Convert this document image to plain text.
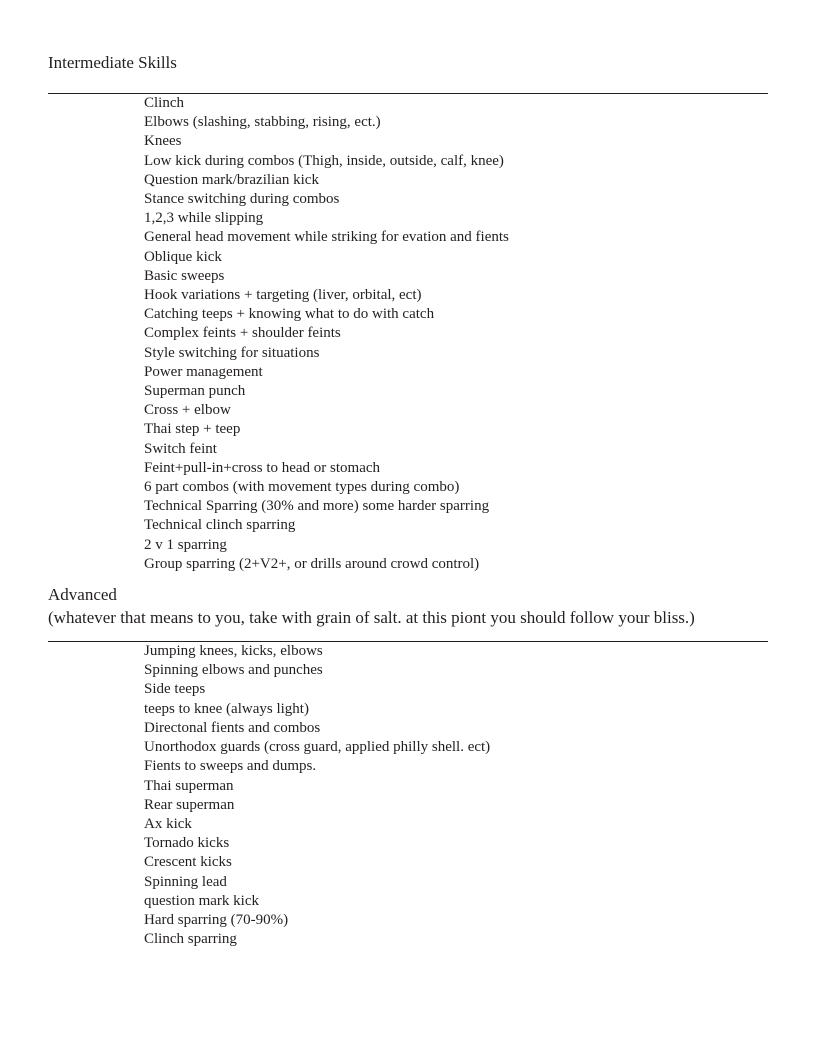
Intermediate Skills
Clinch
Elbows (slashing, stabbing, rising, ect.)
Knees
Low kick during combos (Thigh, inside, outside, calf, knee)
Question mark/brazilian kick
Stance switching during combos
1,2,3 while slipping
General head movement while striking for evation and fients
Oblique kick
Basic sweeps
Hook variations + targeting (liver, orbital, ect)
Catching teeps + knowing what to do with catch
Complex feints + shoulder feints
Style switching for situations
Power management
Superman punch
Cross + elbow
Thai step + teep
Switch feint
Feint+pull-in+cross to head or stomach
6 part combos (with movement types during combo)
Technical Sparring (30% and more) some harder sparring
Technical clinch sparring
2 v 1 sparring
Group sparring (2+V2+, or drills around crowd control)
Advanced

(whatever that means to you, take with grain of salt. at this piont you should follow your bliss.)

Jumping knees, kicks, elbows
Spinning elbows and punches
Side teeps
teeps to knee (always light)
Directonal fients and combos
Unorthodox guards (cross guard, applied philly shell. ect)
Fients to sweeps and dumps.
Thai superman
Rear superman
Ax kick
Tornado kicks
Crescent kicks
Spinning lead
question mark kick
Hard sparring (70-90%)
Clinch sparring
